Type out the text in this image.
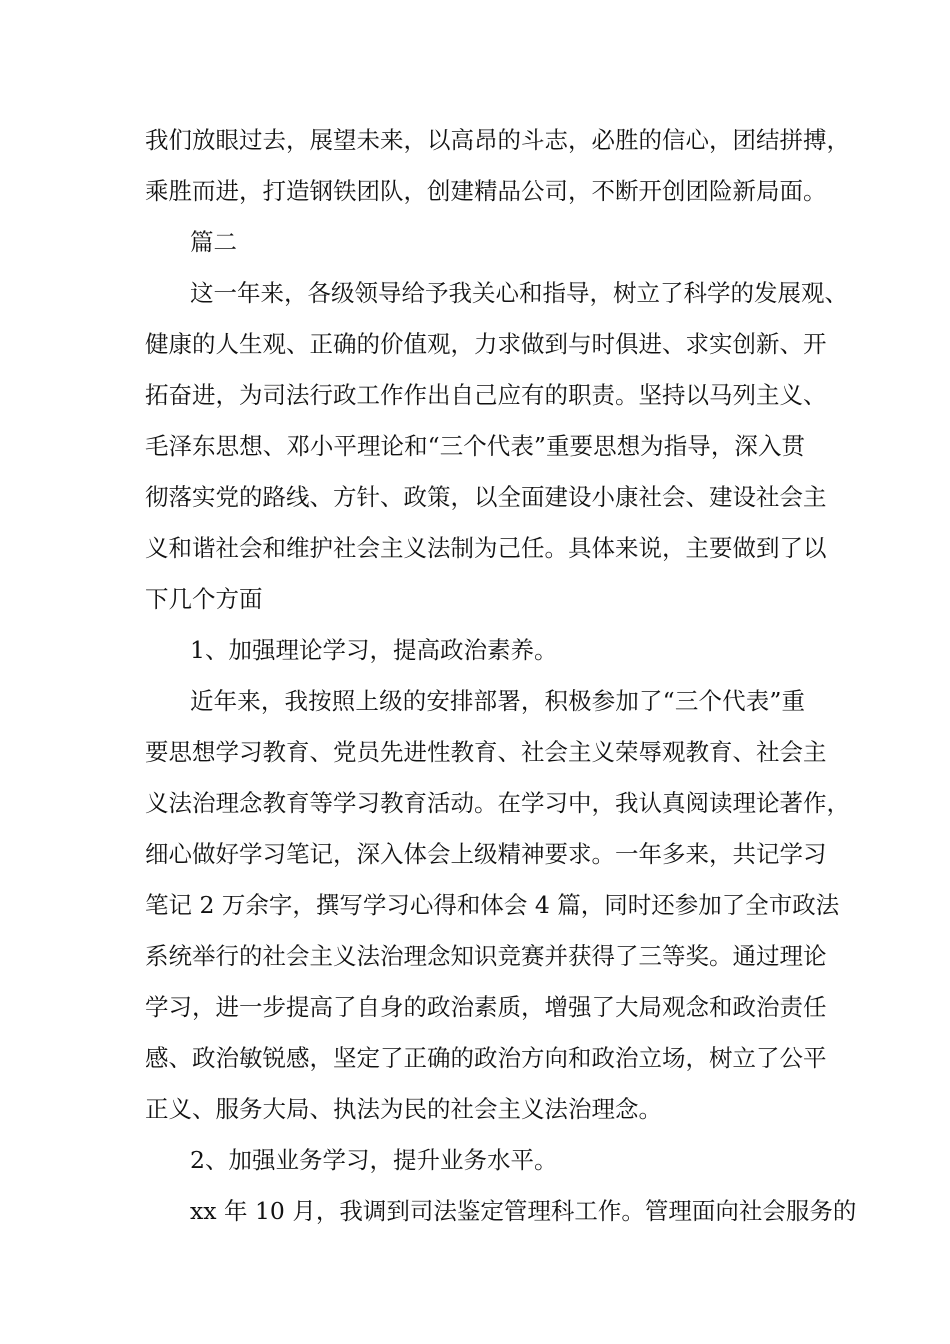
我们放眼过去，展望未来，以高昂的斗志，必胜的信心，团结拼搏，

乘胜而进，打造钢铁团队，创建精品公司，不断开创团险新局面。

篇二

这一年来，各级领导给予我关心和指导，树立了科学的发展观、

健康的人生观、正确的价值观，力求做到与时俱进、求实创新、开

拓奋进，为司法行政工作作出自己应有的职责。坚持以马列主义、

毛泽东思想、邓小平理论和“三个代表”重要思想为指导，深入贯

彻落实党的路线、方针、政策，以全面建设小康社会、建设社会主

义和谐社会和维护社会主义法制为己任。具体来说，主要做到了以

下几个方面

1、加强理论学习，提高政治素养。

近年来，我按照上级的安排部署，积极参加了“三个代表”重

要思想学习教育、党员先进性教育、社会主义荣辱观教育、社会主

义法治理念教育等学习教育活动。在学习中，我认真阅读理论著作，

细心做好学习笔记，深入体会上级精神要求。一年多来，共记学习

笔记 2 万余字，撰写学习心得和体会 4 篇，同时还参加了全市政法

系统举行的社会主义法治理念知识竞赛并获得了三等奖。通过理论

学习，进一步提高了自身的政治素质，增强了大局观念和政治责任

感、政治敏锐感，坚定了正确的政治方向和政治立场，树立了公平

正义、服务大局、执法为民的社会主义法治理念。

2、加强业务学习，提升业务水平。

xx 年 10 月，我调到司法鉴定管理科工作。管理面向社会服务的
